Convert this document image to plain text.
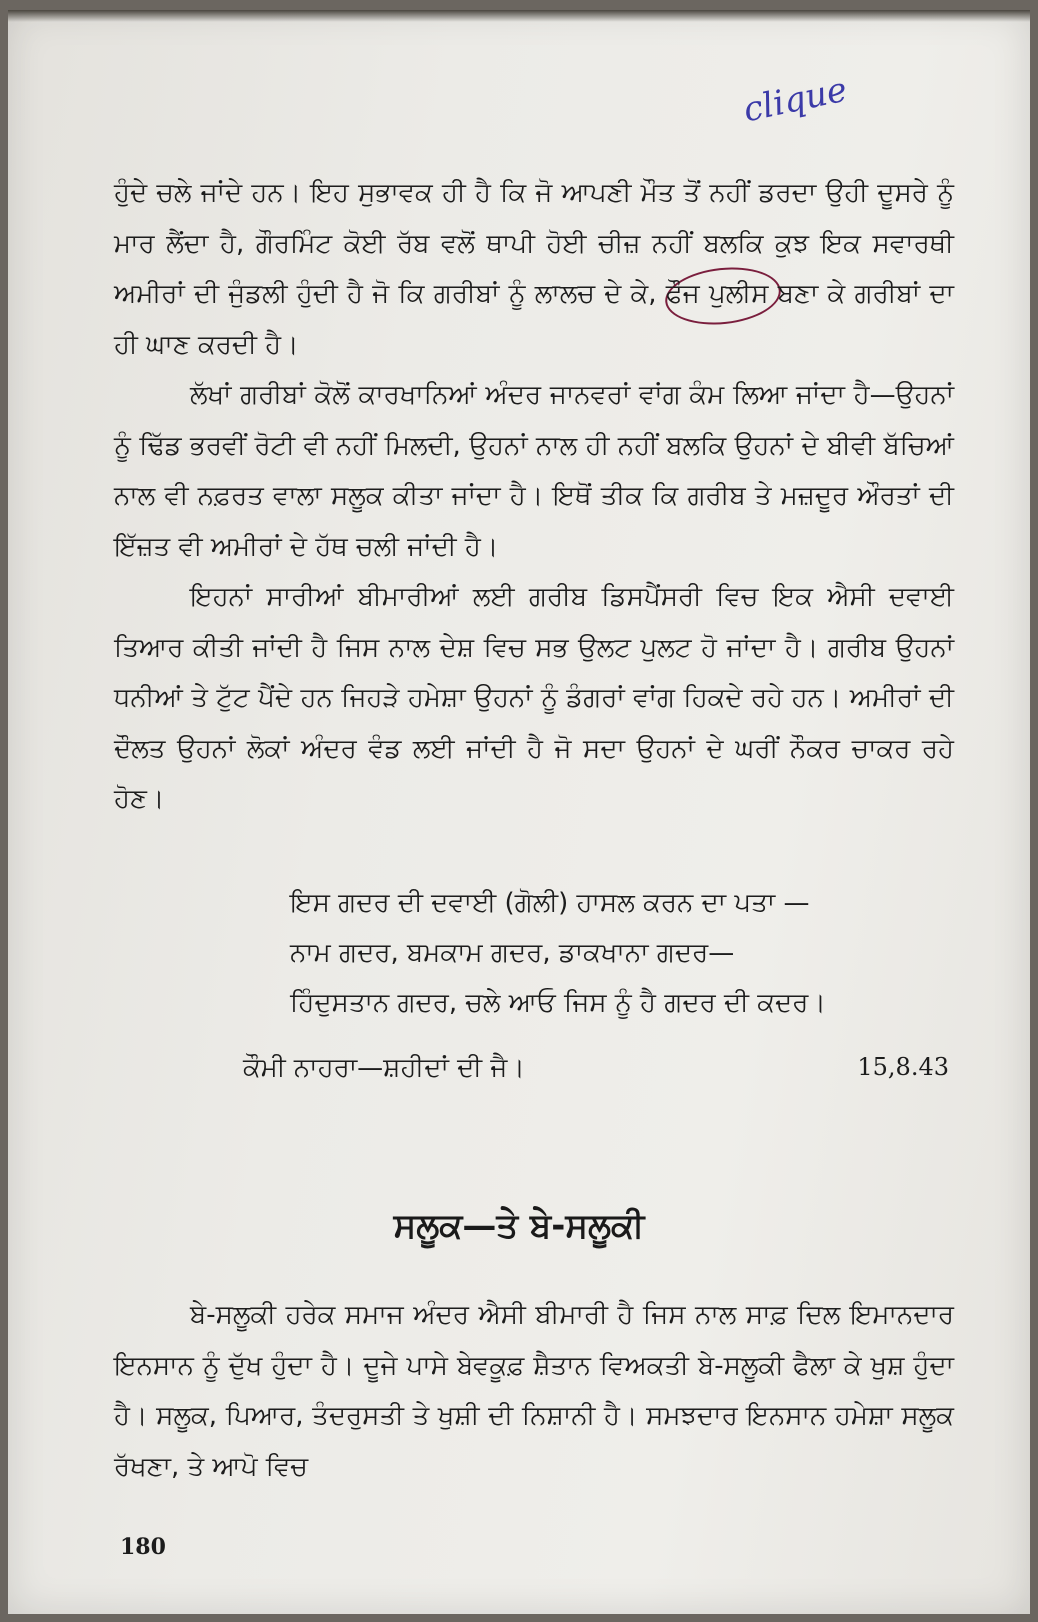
clique

ਹੁੰਦੇ ਚਲੇ ਜਾਂਦੇ ਹਨ। ਇਹ ਸੁਭਾਵਕ ਹੀ ਹੈ ਕਿ ਜੋ ਆਪਣੀ ਮੌਤ ਤੋਂ ਨਹੀਂ ਡਰਦਾ ਉਹੀ ਦੂਸਰੇ ਨੂੰ ਮਾਰ ਲੈਂਦਾ ਹੈ, ਗੌਰਮਿੰਟ ਕੋਈ ਰੱਬ ਵਲੋਂ ਥਾਪੀ ਹੋਈ ਚੀਜ਼ ਨਹੀਂ ਬਲਕਿ ਕੁਝ ਇਕ ਸਵਾਰਥੀ ਅਮੀਰਾਂ ਦੀ ਜੁੰਡਲੀ ਹੁੰਦੀ ਹੈ ਜੋ ਕਿ ਗਰੀਬਾਂ ਨੂੰ ਲਾਲਚ ਦੇ ਕੇ, ਫੌਜ ਪੁਲੀਸ ਬਣਾ ਕੇ ਗਰੀਬਾਂ ਦਾ ਹੀ ਘਾਣ ਕਰਦੀ ਹੈ।

ਲੱਖਾਂ ਗਰੀਬਾਂ ਕੋਲੋਂ ਕਾਰਖਾਨਿਆਂ ਅੰਦਰ ਜਾਨਵਰਾਂ ਵਾਂਗ ਕੰਮ ਲਿਆ ਜਾਂਦਾ ਹੈ—ਉਹਨਾਂ ਨੂੰ ਢਿੱਡ ਭਰਵੀਂ ਰੋਟੀ ਵੀ ਨਹੀਂ ਮਿਲਦੀ, ਉਹਨਾਂ ਨਾਲ ਹੀ ਨਹੀਂ ਬਲਕਿ ਉਹਨਾਂ ਦੇ ਬੀਵੀ ਬੱਚਿਆਂ ਨਾਲ ਵੀ ਨਫ਼ਰਤ ਵਾਲਾ ਸਲੂਕ ਕੀਤਾ ਜਾਂਦਾ ਹੈ। ਇਥੋਂ ਤੀਕ ਕਿ ਗਰੀਬ ਤੇ ਮਜ਼ਦੂਰ ਔਰਤਾਂ ਦੀ ਇੱਜ਼ਤ ਵੀ ਅਮੀਰਾਂ ਦੇ ਹੱਥ ਚਲੀ ਜਾਂਦੀ ਹੈ।

ਇਹਨਾਂ ਸਾਰੀਆਂ ਬੀਮਾਰੀਆਂ ਲਈ ਗਰੀਬ ਡਿਸਪੈਂਸਰੀ ਵਿਚ ਇਕ ਐਸੀ ਦਵਾਈ ਤਿਆਰ ਕੀਤੀ ਜਾਂਦੀ ਹੈ ਜਿਸ ਨਾਲ ਦੇਸ਼ ਵਿਚ ਸਭ ਉਲਟ ਪੁਲਟ ਹੋ ਜਾਂਦਾ ਹੈ। ਗਰੀਬ ਉਹਨਾਂ ਧਨੀਆਂ ਤੇ ਟੁੱਟ ਪੈਂਦੇ ਹਨ ਜਿਹੜੇ ਹਮੇਸ਼ਾ ਉਹਨਾਂ ਨੂੰ ਡੰਗਰਾਂ ਵਾਂਗ ਹਿਕਦੇ ਰਹੇ ਹਨ। ਅਮੀਰਾਂ ਦੀ ਦੌਲਤ ਉਹਨਾਂ ਲੋਕਾਂ ਅੰਦਰ ਵੰਡ ਲਈ ਜਾਂਦੀ ਹੈ ਜੋ ਸਦਾ ਉਹਨਾਂ ਦੇ ਘਰੀਂ ਨੌਕਰ ਚਾਕਰ ਰਹੇ ਹੋਣ।

ਇਸ ਗਦਰ ਦੀ ਦਵਾਈ (ਗੋਲੀ) ਹਾਸਲ ਕਰਨ ਦਾ ਪਤਾ —
ਨਾਮ ਗਦਰ, ਬਮਕਾਮ ਗਦਰ, ਡਾਕਖਾਨਾ ਗਦਰ—
ਹਿੰਦੁਸਤਾਨ ਗਦਰ, ਚਲੇ ਆਓ ਜਿਸ ਨੂੰ ਹੈ ਗਦਰ ਦੀ ਕਦਰ।
ਕੌਮੀ ਨਾਹਰਾ—ਸ਼ਹੀਦਾਂ ਦੀ ਜੈ।	15,8.43
ਸਲੂਕ—ਤੇ ਬੇ-ਸਲੂਕੀ

ਬੇ-ਸਲੂਕੀ ਹਰੇਕ ਸਮਾਜ ਅੰਦਰ ਐਸੀ ਬੀਮਾਰੀ ਹੈ ਜਿਸ ਨਾਲ ਸਾਫ਼ ਦਿਲ ਇਮਾਨਦਾਰ ਇਨਸਾਨ ਨੂੰ ਦੁੱਖ ਹੁੰਦਾ ਹੈ। ਦੂਜੇ ਪਾਸੇ ਬੇਵਕੂਫ਼ ਸ਼ੈਤਾਨ ਵਿਅਕਤੀ ਬੇ-ਸਲੂਕੀ ਫੈਲਾ ਕੇ ਖੁਸ਼ ਹੁੰਦਾ ਹੈ। ਸਲੂਕ, ਪਿਆਰ, ਤੰਦਰੁਸਤੀ ਤੇ ਖੁਸ਼ੀ ਦੀ ਨਿਸ਼ਾਨੀ ਹੈ। ਸਮਝਦਾਰ ਇਨਸਾਨ ਹਮੇਸ਼ਾ ਸਲੂਕ ਰੱਖਣਾ, ਤੇ ਆਪੋ ਵਿਚ

180
